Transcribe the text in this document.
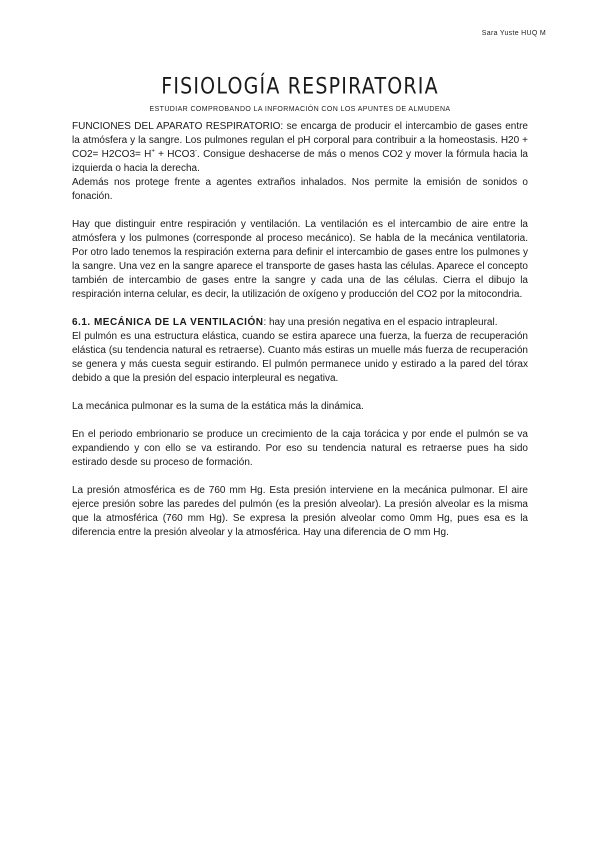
Sara Yuste HUQ M
FISIOLOGÍA RESPIRATORIA

ESTUDIAR COMPROBANDO LA INFORMACIÓN CON LOS APUNTES DE ALMUDENA

FUNCIONES DEL APARATO RESPIRATORIO: se encarga de producir el intercambio de gases entre la atmósfera y la sangre. Los pulmones regulan el pH corporal para contribuir a la homeostasis. H20 + CO2= H2CO3= H+ + HCO3-. Consigue deshacerse de más o menos CO2 y mover la fórmula hacia la izquierda o hacia la derecha.

Además nos protege frente a agentes extraños inhalados. Nos permite la emisión de sonidos o fonación.

Hay que distinguir entre respiración y ventilación. La ventilación es el intercambio de aire entre la atmósfera y los pulmones (corresponde al proceso mecánico). Se habla de la mecánica ventilatoria. Por otro lado tenemos la respiración externa para definir el intercambio de gases entre los pulmones y la sangre. Una vez en la sangre aparece el transporte de gases hasta las células. Aparece el concepto también de intercambio de gases entre la sangre y cada una de las células. Cierra el dibujo la respiración interna celular, es decir, la utilización de oxígeno y producción del CO2 por la mitocondria.

6.1. MECÁNICA DE LA VENTILACIÓN: hay una presión negativa en el espacio intrapleural.

El pulmón es una estructura elástica, cuando se estira aparece una fuerza, la fuerza de recuperación elástica (su tendencia natural es retraerse). Cuanto más estiras un muelle más fuerza de recuperación se genera y más cuesta seguir estirando. El pulmón permanece unido y estirado a la pared del tórax debido a que la presión del espacio interpleural es negativa.

La mecánica pulmonar es la suma de la estática más la dinámica.

En el periodo embrionario se produce un crecimiento de la caja torácica y por ende el pulmón se va expandiendo y con ello se va estirando. Por eso su tendencia natural es retraerse pues ha sido estirado desde su proceso de formación.

La presión atmosférica es de 760 mm Hg. Esta presión interviene en la mecánica pulmonar. El aire ejerce presión sobre las paredes del pulmón (es la presión alveolar). La presión alveolar es la misma que la atmosférica (760 mm Hg). Se expresa la presión alveolar como 0mm Hg, pues esa es la diferencia entre la presión alveolar y la atmosférica. Hay una diferencia de O mm Hg.
